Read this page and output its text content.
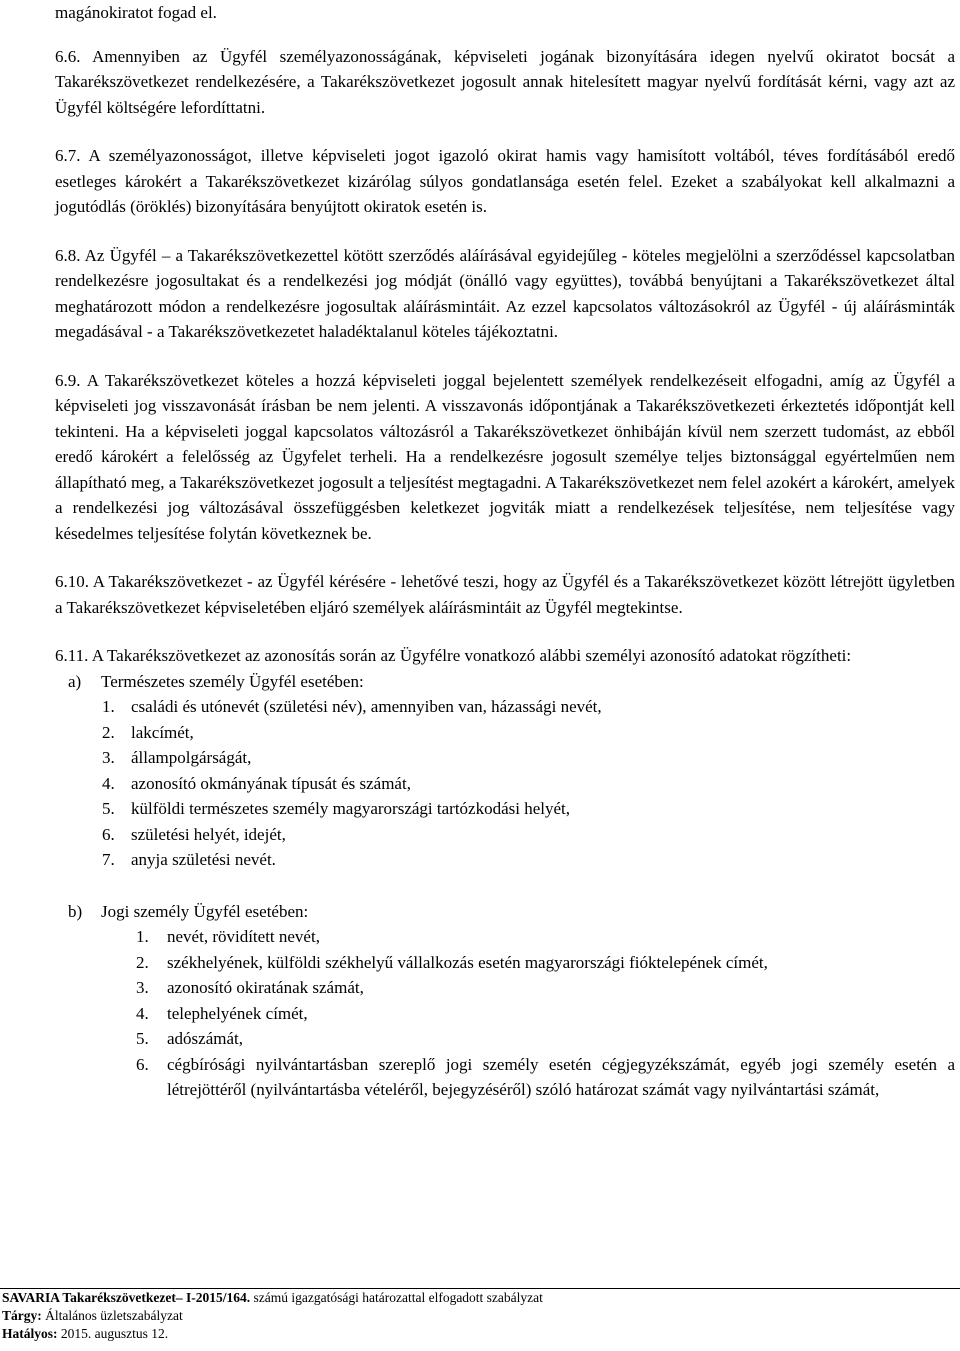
magánokiratot fogad el.

6.6. Amennyiben az Ügyfél személyazonosságának, képviseleti jogának bizonyítására idegen nyelvű okiratot bocsát a Takarékszövetkezet rendelkezésére, a Takarékszövetkezet jogosult annak hitelesített magyar nyelvű fordítását kérni, vagy azt az Ügyfél költségére lefordíttatni.

6.7. A személyazonosságot, illetve képviseleti jogot igazoló okirat hamis vagy hamisított voltából, téves fordításából eredő esetleges károkért a Takarékszövetkezet kizárólag súlyos gondatlansága esetén felel. Ezeket a szabályokat kell alkalmazni a jogutódlás (öröklés) bizonyítására benyújtott okiratok esetén is.

6.8. Az Ügyfél – a Takarékszövetkezettel kötött szerződés aláírásával egyidejűleg - köteles megjelölni a szerződéssel kapcsolatban rendelkezésre jogosultakat és a rendelkezési jog módját (önálló vagy együttes), továbbá benyújtani a Takarékszövetkezet által meghatározott módon a rendelkezésre jogosultak aláírásmintáit. Az ezzel kapcsolatos változásokról az Ügyfél - új aláírásminták megadásával - a Takarékszövetkezetet haladéktalanul köteles tájékoztatni.

6.9. A Takarékszövetkezet köteles a hozzá képviseleti joggal bejelentett személyek rendelkezéseit elfogadni, amíg az Ügyfél a képviseleti jog visszavonását írásban be nem jelenti. A visszavonás időpontjának a Takarékszövetkezeti érkeztetés időpontját kell tekinteni. Ha a képviseleti joggal kapcsolatos változásról a Takarékszövetkezet önhibáján kívül nem szerzett tudomást, az ebből eredő károkért a felelősség az Ügyfelet terheli. Ha a rendelkezésre jogosult személye teljes biztonsággal egyértelműen nem állapítható meg, a Takarékszövetkezet jogosult a teljesítést megtagadni. A Takarékszövetkezet nem felel azokért a károkért, amelyek a rendelkezési jog változásával összefüggésben keletkezet jogviták miatt a rendelkezések teljesítése, nem teljesítése vagy késedelmes teljesítése folytán következnek be.

6.10. A Takarékszövetkezet - az Ügyfél kérésére - lehetővé teszi, hogy az Ügyfél és a Takarékszövetkezet között létrejött ügyletben a Takarékszövetkezet képviseletében eljáró személyek aláírásmintáit az Ügyfél megtekintse.

6.11. A Takarékszövetkezet az azonosítás során az Ügyfélre vonatkozó alábbi személyi azonosító adatokat rögzítheti:

a) Természetes személy Ügyfél esetében:
1. családi és utónevét (születési név), amennyiben van, házassági nevét,
2. lakcímét,
3. állampolgárságát,
4. azonosító okmányának típusát és számát,
5. külföldi természetes személy magyarországi tartózkodási helyét,
6. születési helyét, idejét,
7. anyja születési nevét.
b) Jogi személy Ügyfél esetében:
1. nevét, rövidített nevét,
2. székhelyének, külföldi székhelyű vállalkozás esetén magyarországi fióktelepének címét,
3. azonosító okiratának számát,
4. telephelyének címét,
5. adószámát,
6. cégbírósági nyilvántartásban szereplő jogi személy esetén cégjegyzékszámát, egyéb jogi személy esetén a létrejöttéről (nyilvántartásba vételéről, bejegyzéséről) szóló határozat számát vagy nyilvántartási számát,
SAVARIA Takarékszövetkezet– I-2015/164. számú igazgatósági határozattal elfogadott szabályzat
Tárgy: Általános üzletszabályzat
Hatályos: 2015. augusztus 12.
